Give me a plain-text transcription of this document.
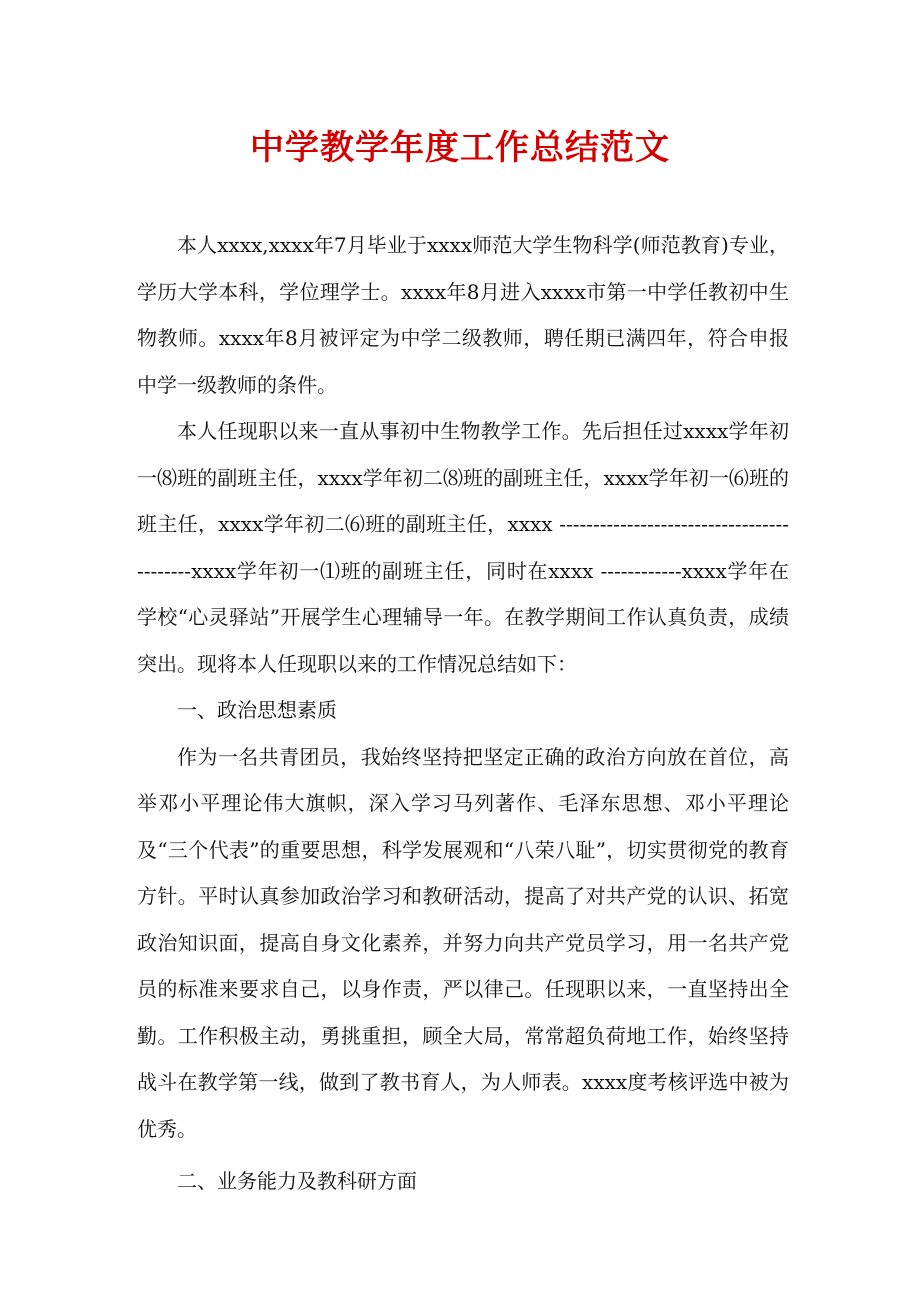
中学教学年度工作总结范文

本人xxxx,xxxx年7月毕业于xxxx师范大学生物科学(师范教育)专业，学历大学本科，学位理学士。xxxx年8月进入xxxx市第一中学任教初中生物教师。xxxx年8月被评定为中学二级教师，聘任期已满四年，符合申报中学一级教师的条件。

本人任现职以来一直从事初中生物教学工作。先后担任过xxxx学年初一⑻班的副班主任，xxxx学年初二⑻班的副班主任，xxxx学年初一⑹班的班主任，xxxx学年初二⑹班的副班主任，xxxx ------------------------------------------xxxx学年初一⑴班的副班主任，同时在xxxx ------------xxxx学年在学校“心灵驿站”开展学生心理辅导一年。在教学期间工作认真负责，成绩突出。现将本人任现职以来的工作情况总结如下：

一、政治思想素质

作为一名共青团员，我始终坚持把坚定正确的政治方向放在首位，高举邓小平理论伟大旗帜，深入学习马列著作、毛泽东思想、邓小平理论及“三个代表”的重要思想，科学发展观和“八荣八耻”，切实贯彻党的教育方针。平时认真参加政治学习和教研活动，提高了对共产党的认识、拓宽政治知识面，提高自身文化素养，并努力向共产党员学习，用一名共产党员的标准来要求自己，以身作责，严以律己。任现职以来，一直坚持出全勤。工作积极主动，勇挑重担，顾全大局，常常超负荷地工作，始终坚持战斗在教学第一线，做到了教书育人，为人师表。xxxx度考核评选中被为优秀。

二、业务能力及教科研方面
